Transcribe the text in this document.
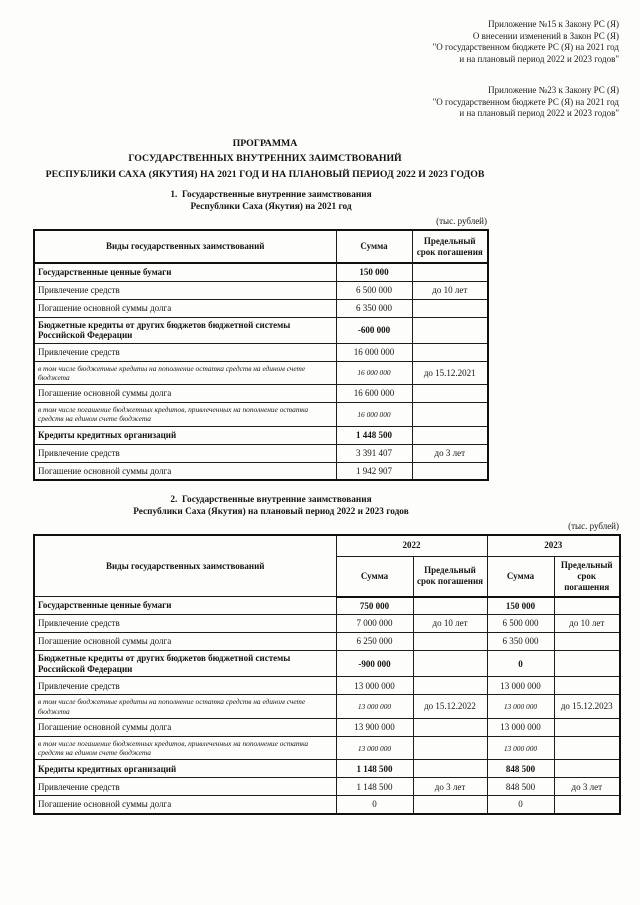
Приложение №15 к Закону РС (Я)
О внесении изменений в Закон РС (Я)
"О государственном бюджете РС (Я) на 2021 год
и на плановый период 2022 и 2023 годов"
Приложение №23 к Закону РС (Я)
"О государственном бюджете РС (Я) на 2021 год
и на плановый период 2022 и 2023 годов"
ПРОГРАММА
ГОСУДАРСТВЕННЫХ ВНУТРЕННИХ ЗАИМСТВОВАНИЙ
РЕСПУБЛИКИ САХА (ЯКУТИЯ) НА 2021 ГОД И НА ПЛАНОВЫЙ ПЕРИОД 2022 И 2023 ГОДОВ
1.  Государственные внутренние заимствования
Республики Саха (Якутия) на 2021 год
(тыс. рублей)
Виды государственных заимствований	Сумма	Предельный срок погашения
Государственные ценные бумаги	150 000	
Привлечение средств	6 500 000	до 10 лет
Погашение основной суммы долга	6 350 000	
Бюджетные кредиты от других бюджетов бюджетной системы Российской Федерации	-600 000	
Привлечение средств	16 000 000	
в том числе бюджетные кредиты на пополнение остатка средств на едином счете бюджета	16 000 000	до 15.12.2021
Погашение основной суммы долга	16 600 000	
в том числе погашение бюджетных кредитов, привлеченных на пополнение остатка средств на едином счете бюджета	16 000 000	
Кредиты кредитных организаций	1 448 500	
Привлечение средств	3 391 407	до 3 лет
Погашение основной суммы долга	1 942 907	
2.  Государственные внутренние заимствования
Республики Саха (Якутия) на плановый период 2022 и 2023 годов
(тыс. рублей)
Виды государственных заимствований	2022		2023	
	Сумма	Предельный срок погашения	Сумма	Предельный срок погашения
Государственные ценные бумаги	750 000		150 000	
Привлечение средств	7 000 000	до 10 лет	6 500 000	до 10 лет
Погашение основной суммы долга	6 250 000		6 350 000	
Бюджетные кредиты от других бюджетов бюджетной системы Российской Федерации	-900 000		0	
Привлечение средств	13 000 000		13 000 000	
в том числе бюджетные кредиты на пополнение остатка средств на едином счете бюджета	13 000 000	до 15.12.2022	13 000 000	до 15.12.2023
Погашение основной суммы долга	13 900 000		13 000 000	
в том числе погашение бюджетных кредитов, привлеченных на пополнение остатка средств на едином счете бюджета	13 000 000		13 000 000	
Кредиты кредитных организаций	1 148 500		848 500	
Привлечение средств	1 148 500	до 3 лет	848 500	до 3 лет
Погашение основной суммы долга	0		0	
